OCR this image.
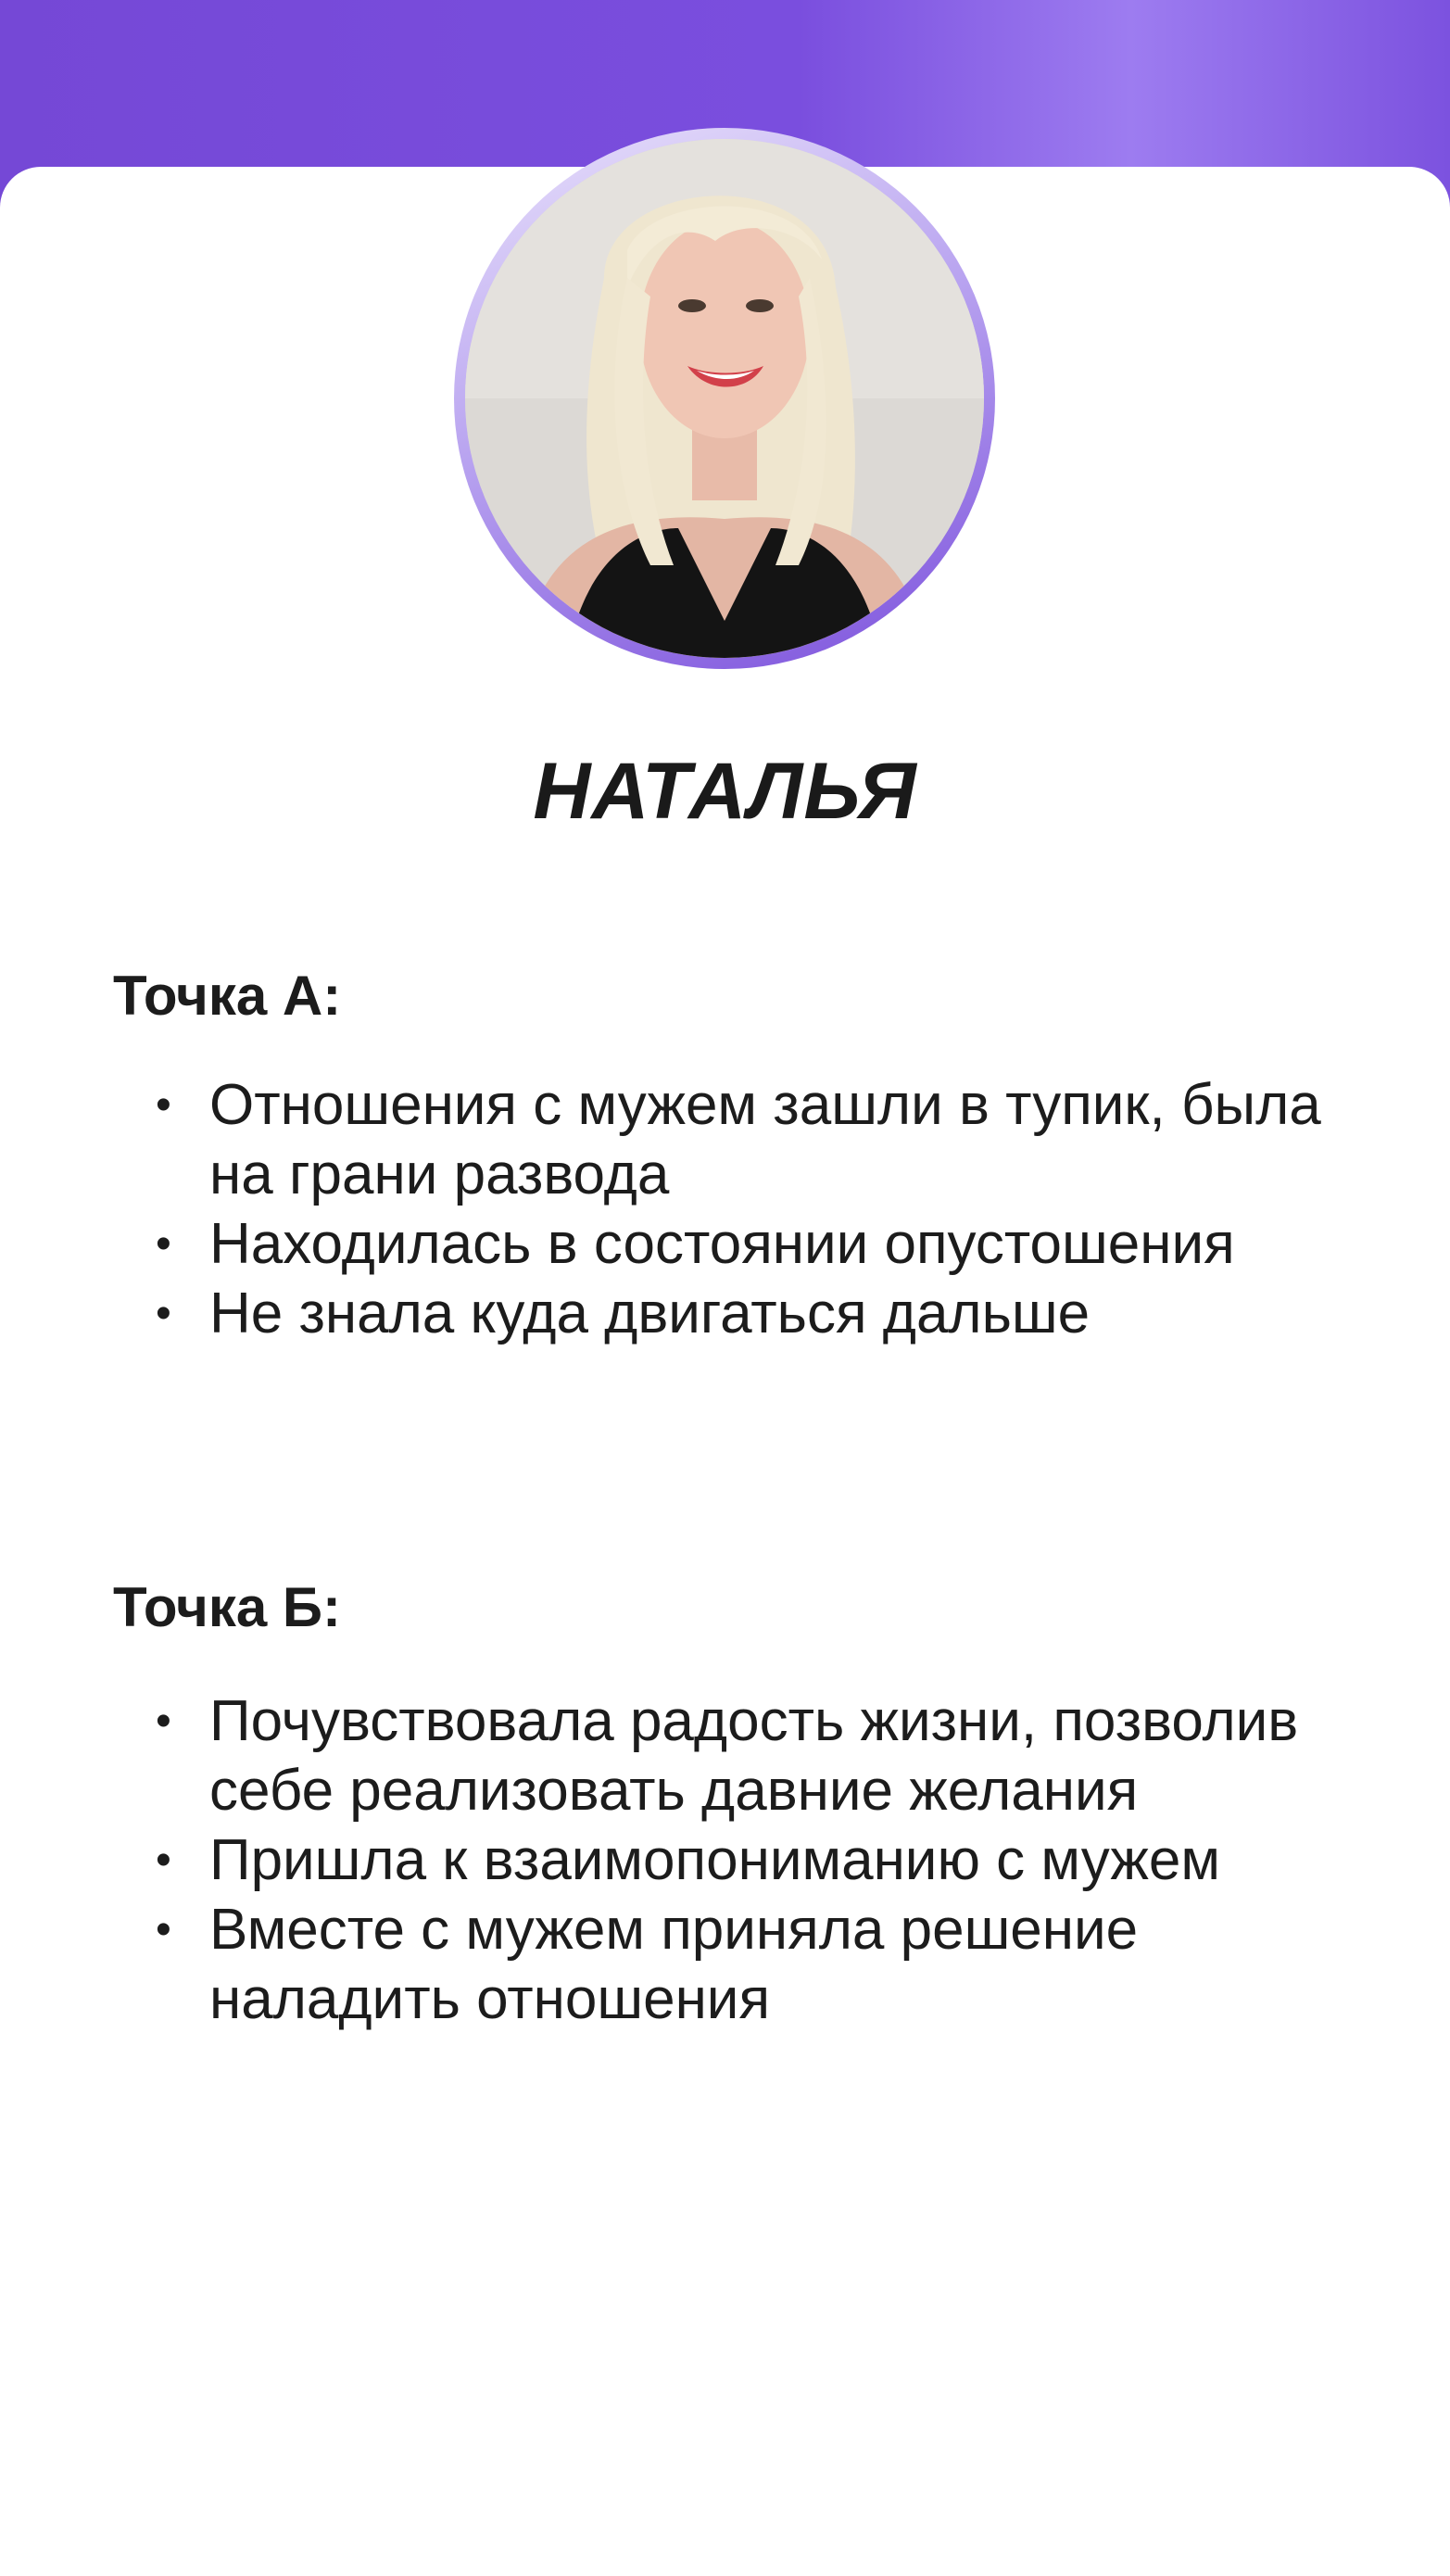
НАТАЛЬЯ
Точка А:
• Отношения с мужем зашли в тупик, была на грани развода
• Находилась в состоянии опустошения
• Не знала куда двигаться дальше
Точка Б:
• Почувствовала радость жизни, позволив себе реализовать давние желания
• Пришла к взаимопониманию с мужем
• Вместе с мужем приняла решение наладить отношения
